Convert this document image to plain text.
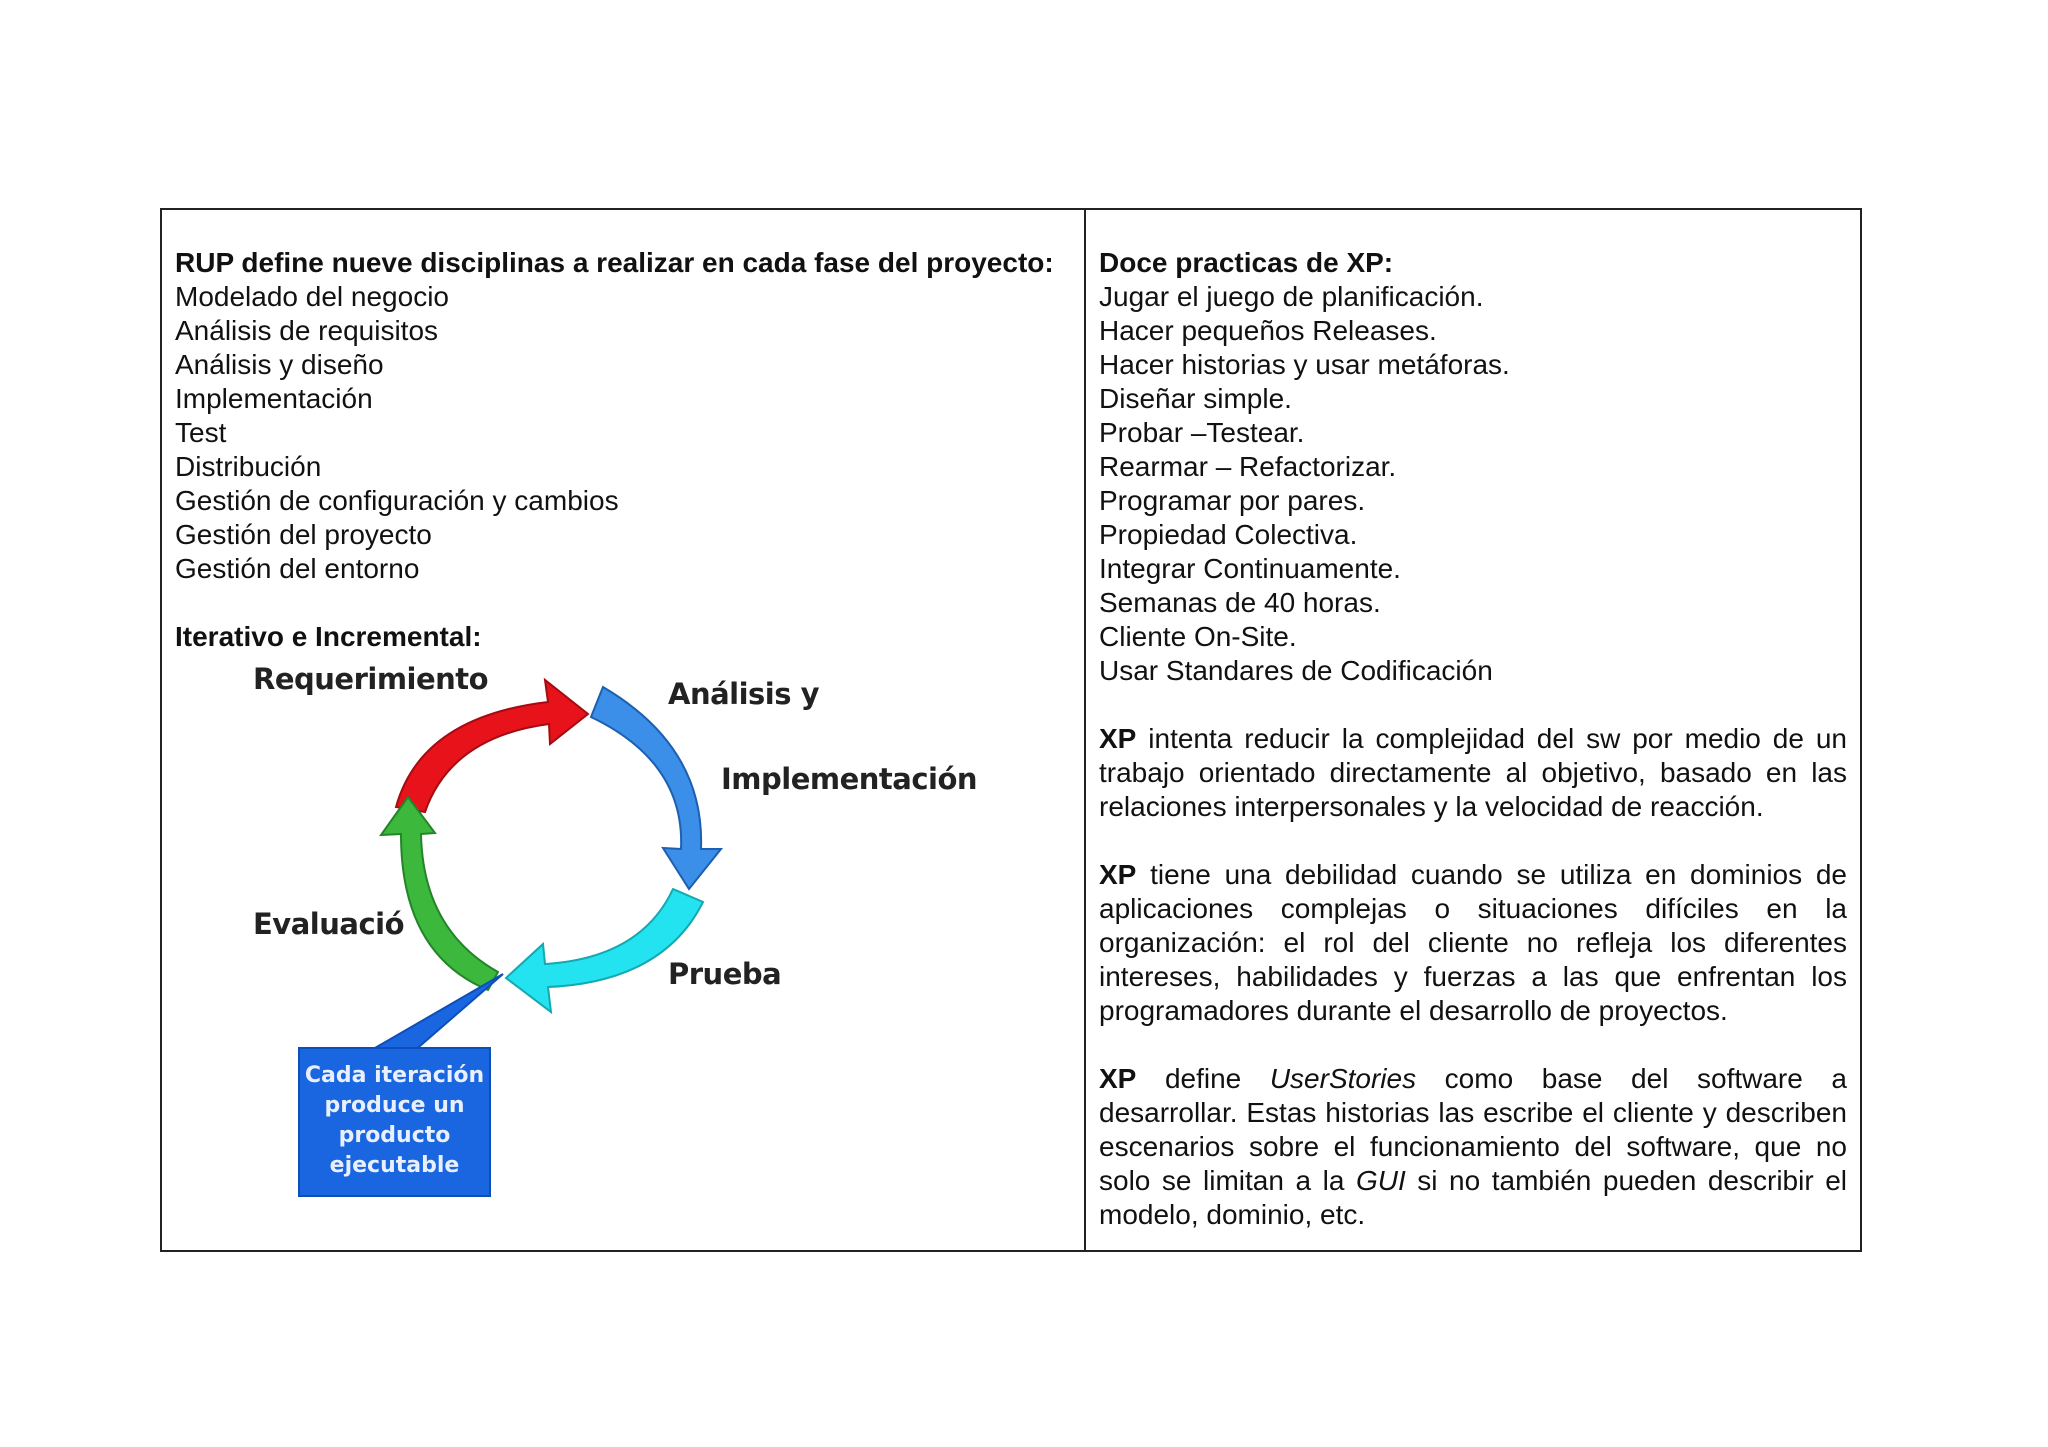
RUP define nueve disciplinas a realizar en cada fase del proyecto:
Modelado del negocio
Análisis de requisitos
Análisis y diseño
Implementación
Test
Distribución
Gestión de configuración y cambios
Gestión del proyecto
Gestión del entorno
Iterativo e Incremental:
Requerimiento	Análisis y
Implementación
Evaluació
Prueba
Cada iteración
produce un
producto
ejecutable
Doce practicas de XP:
Jugar el juego de planificación.
Hacer pequeños Releases.
Hacer historias y usar metáforas.
Diseñar simple.
Probar –Testear.
Rearmar – Refactorizar.
Programar por pares.
Propiedad Colectiva.
Integrar Continuamente.
Semanas de 40 horas.
Cliente On-Site.
Usar Standares de Codificación
XP intenta reducir la complejidad del sw por medio de un trabajo orientado directamente al objetivo, basado en las relaciones interpersonales y la velocidad de reacción.
XP tiene una debilidad cuando se utiliza en dominios de aplicaciones complejas o situaciones difíciles en la organización: el rol del cliente no refleja los diferentes intereses, habilidades y fuerzas a las que enfrentan los programadores durante el desarrollo de proyectos.
XP define UserStories como base del software a desarrollar. Estas historias las escribe el cliente y describen escenarios sobre el funcionamiento del software, que no solo se limitan a la GUI si no también pueden describir el modelo, dominio, etc.
